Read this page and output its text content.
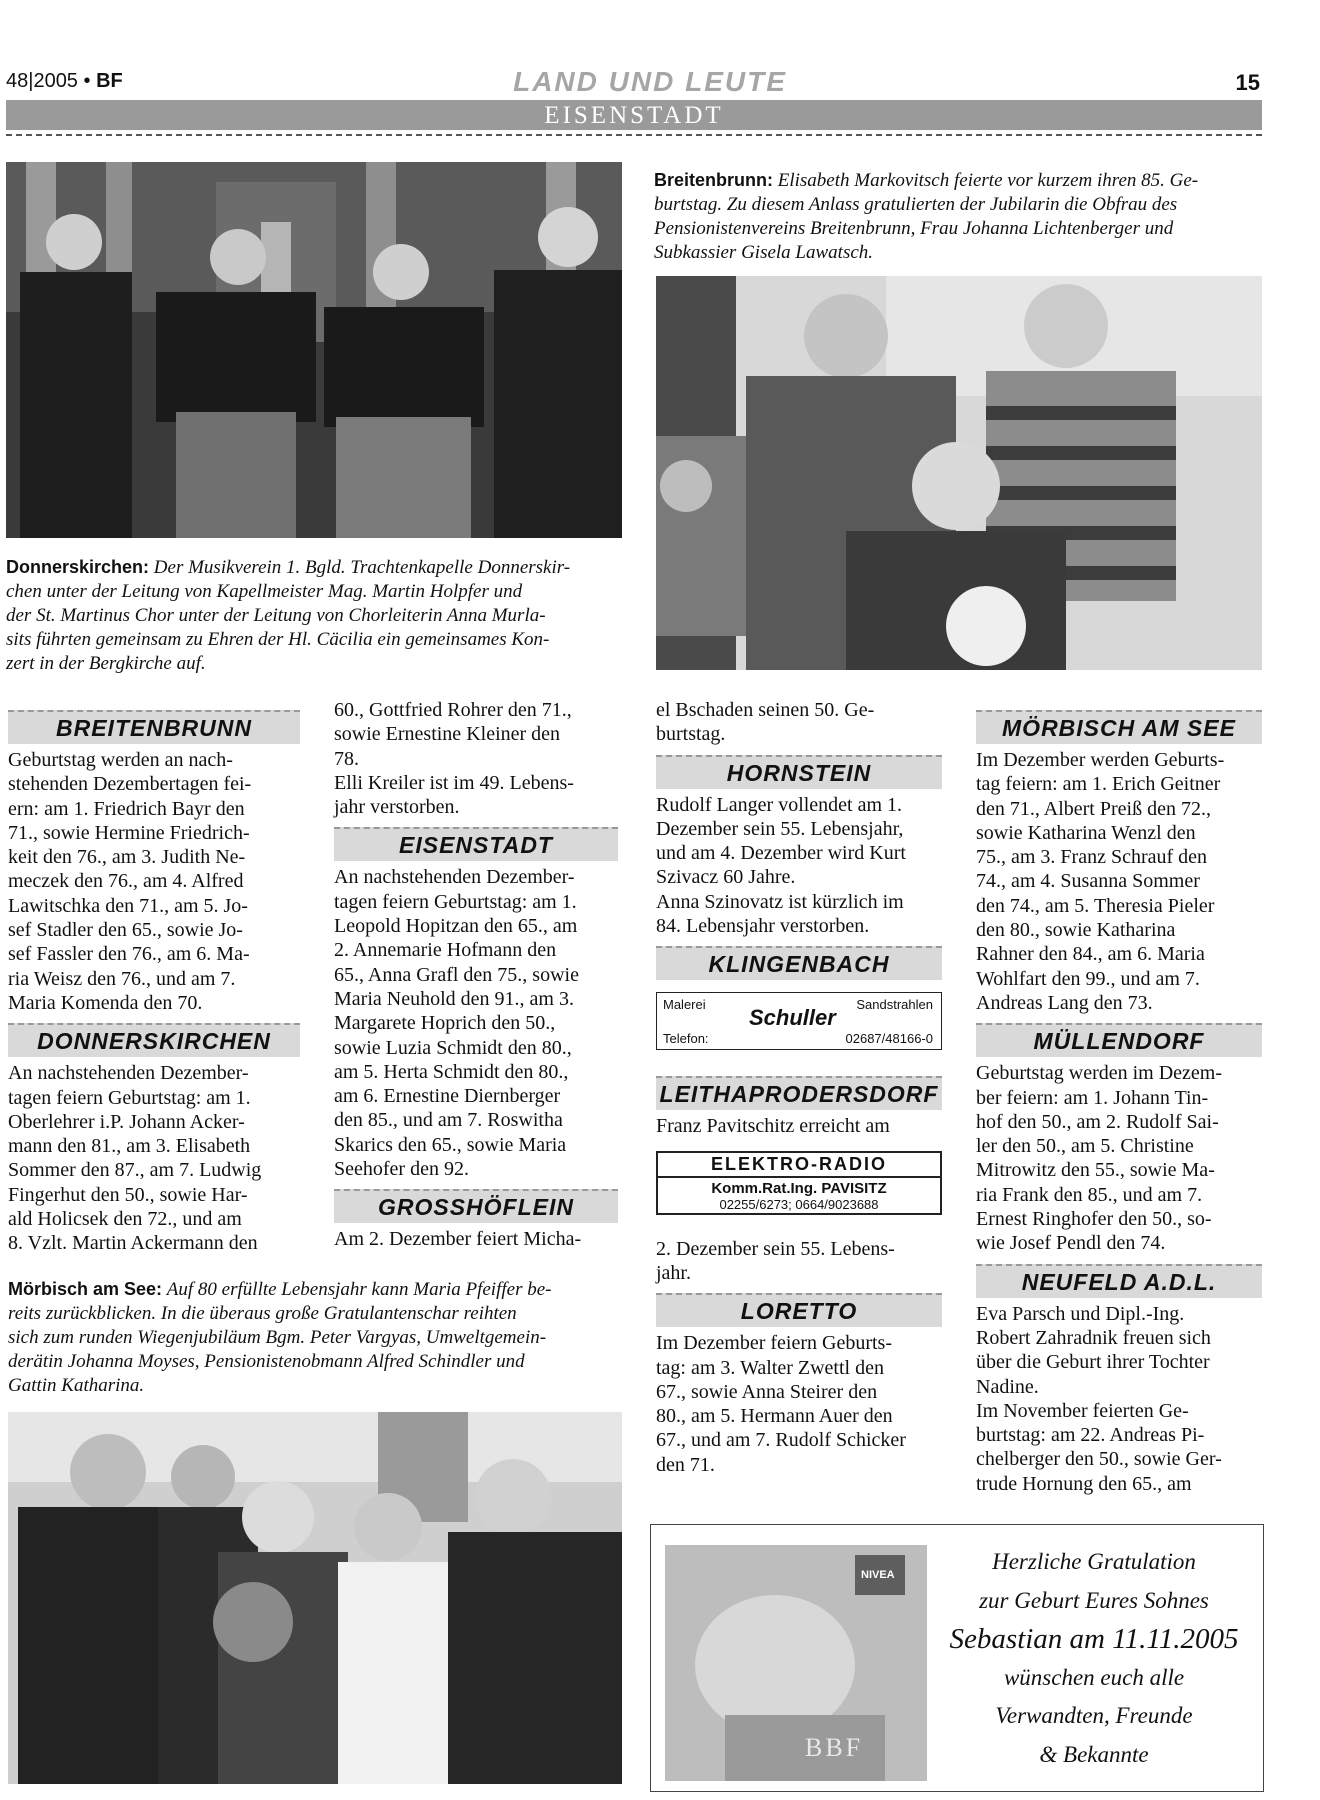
48|2005 • BF	LAND UND LEUTE	15
EISENSTADT
Donnerskirchen: Der Musikverein 1. Bgld. Trachtenkapelle Donnerskir-
chen unter der Leitung von Kapellmeister Mag. Martin Holpfer und
der St. Martinus Chor unter der Leitung von Chorleiterin Anna Murla-
sits führten gemeinsam zu Ehren der Hl. Cäcilia ein gemeinsames Kon-
zert in der Bergkirche auf.
Breitenbrunn: Elisabeth Markovitsch feierte vor kurzem ihren 85. Ge-
burtstag. Zu diesem Anlass gratulierten der Jubilarin die Obfrau des
Pensionistenvereins Breitenbrunn, Frau Johanna Lichtenberger und
Subkassier Gisela Lawatsch.
BREITENBRUNN

Geburtstag werden an nach-

stehenden Dezembertagen fei-

ern: am 1. Friedrich Bayr den

71., sowie Hermine Friedrich-

keit den 76., am 3. Judith Ne-

meczek den 76., am 4. Alfred

Lawitschka den 71., am 5. Jo-

sef Stadler den 65., sowie Jo-

sef Fassler den 76., am 6. Ma-

ria Weisz den 76., und am 7.

Maria Komenda den 70.

DONNERSKIRCHEN

An nachstehenden Dezember-

tagen feiern Geburtstag: am 1.

Oberlehrer i.P. Johann Acker-

mann den 81., am 3. Elisabeth

Sommer den 87., am 7. Ludwig

Fingerhut den 50., sowie Har-

ald Holicsek den 72., und am

8. Vzlt. Martin Ackermann den

60., Gottfried Rohrer den 71.,

sowie Ernestine Kleiner den

78.

Elli Kreiler ist im 49. Lebens-

jahr verstorben.

EISENSTADT

An nachstehenden Dezember-

tagen feiern Geburtstag: am 1.

Leopold Hopitzan den 65., am

2. Annemarie Hofmann den

65., Anna Grafl den 75., sowie

Maria Neuhold den 91., am 3.

Margarete Hoprich den 50.,

sowie Luzia Schmidt den 80.,

am 5. Herta Schmidt den 80.,

am 6. Ernestine Diernberger

den 85., und am 7. Roswitha

Skarics den 65., sowie Maria

Seehofer den 92.

GROSSHÖFLEIN

Am 2. Dezember feiert Micha-

Mörbisch am See: Auf 80 erfüllte Lebensjahr kann Maria Pfeiffer be-
reits zurückblicken. In die überaus große Gratulantenschar reihten
sich zum runden Wiegenjubiläum Bgm. Peter Vargyas, Umweltgemein-
derätin Johanna Moyses, Pensionistenobmann Alfred Schindler und
Gattin Katharina.

el Bschaden seinen 50. Ge-

burtstag.

HORNSTEIN

Rudolf Langer vollendet am 1.

Dezember sein 55. Lebensjahr,

und am 4. Dezember wird Kurt

Szivacz 60 Jahre.

Anna Szinovatz ist kürzlich im

84. Lebensjahr verstorben.

KLINGENBACH
Malerei	Sandstrahlen
Schuller
Telefon:	02687/48166-0
LEITHAPRODERSDORF

Franz Pavitschitz erreicht am

ELEKTRO-RADIO
Komm.Rat.Ing. PAVISITZ
02255/6273; 0664/9023688

2. Dezember sein 55. Lebens-

jahr.

LORETTO

Im Dezember feiern Geburts-

tag: am 3. Walter Zwettl den

67., sowie Anna Steirer den

80., am 5. Hermann Auer den

67., und am 7. Rudolf Schicker

den 71.

MÖRBISCH AM SEE

Im Dezember werden Geburts-

tag feiern: am 1. Erich Geitner

den 71., Albert Preiß den 72.,

sowie Katharina Wenzl den

75., am 3. Franz Schrauf den

74., am 4. Susanna Sommer

den 74., am 5. Theresia Pieler

den 80., sowie Katharina

Rahner den 84., am 6. Maria

Wohlfart den 99., und am 7.

Andreas Lang den 73.

MÜLLENDORF

Geburtstag werden im Dezem-

ber feiern: am 1. Johann Tin-

hof den 50., am 2. Rudolf Sai-

ler den 50., am 5. Christine

Mitrowitz den 55., sowie Ma-

ria Frank den 85., und am 7.

Ernest Ringhofer den 50., so-

wie Josef Pendl den 74.

NEUFELD A.D.L.

Eva Parsch und Dipl.-Ing.

Robert Zahradnik freuen sich

über die Geburt ihrer Tochter

Nadine.

Im November feierten Ge-

burtstag: am 22. Andreas Pi-

chelberger den 50., sowie Ger-

trude Hornung den 65., am

NIVEA
BBF
Herzliche Gratulation
zur Geburt Eures Sohnes
Sebastian am 11.11.2005
wünschen euch alle
Verwandten, Freunde
& Bekannte
